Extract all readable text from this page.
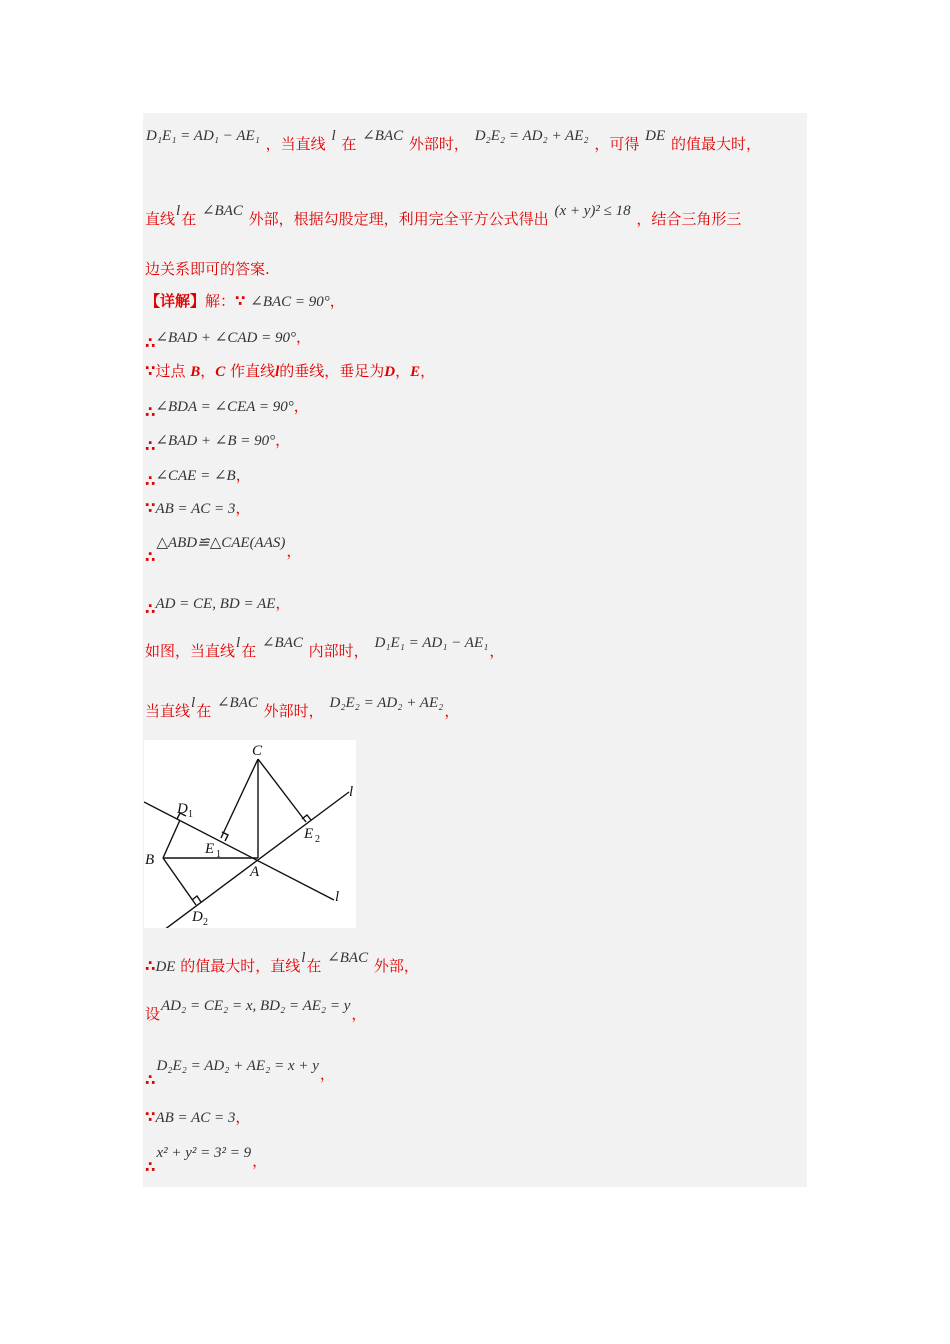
D₁E₁ = AD₁ − AE₁ ，当直线 l 在 ∠BAC 外部时， D₂E₂ = AD₂ + AE₂ ，可得 DE 的值最大时，
直线l在 ∠BAC 外部，根据勾股定理，利用完全平方公式得出 (x + y)² ≤ 18 ，结合三角形三
边关系即可的答案.
【详解】解：∵ ∠BAC = 90°，
∴∠BAD + ∠CAD = 90°，
∵过点 B，C 作直线l的垂线，垂足为D，E，
∴∠BDA = ∠CEA = 90°，
∴∠BAD + ∠B = 90°，
∴∠CAE = ∠B，
∵AB = AC = 3，
∴△ABD≌△CAE(AAS)，
∴AD = CE, BD = AE，
如图，当直线l在 ∠BAC 内部时， D₁E₁ = AD₁ − AE₁，
当直线l在 ∠BAC 外部时， D₂E₂ = AD₂ + AE₂，
C
B
A
D 1
E 1
E 2
D 2
l
l
∴DE 的值最大时，直线l在 ∠BAC 外部，
设AD₂ = CE₂ = x, BD₂ = AE₂ = y，
∴D₂E₂ = AD₂ + AE₂ = x + y，
∵AB = AC = 3，
∴x² + y² = 3² = 9，
